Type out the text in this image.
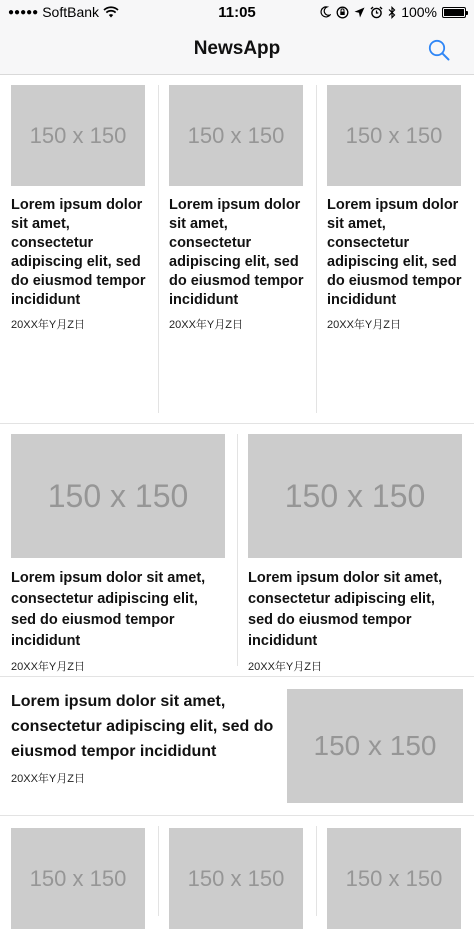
●●●●● SoftBank	11:05	100%
NewsApp
150 x 150
Lorem ipsum dolor sit amet, consectetur adipiscing elit, sed do eiusmod tempor incididunt
20XX年Y月Z日
150 x 150
Lorem ipsum dolor sit amet, consectetur adipiscing elit, sed do eiusmod tempor incididunt
20XX年Y月Z日
150 x 150
Lorem ipsum dolor sit amet, consectetur adipiscing elit, sed do eiusmod tempor incididunt
20XX年Y月Z日
150 x 150
Lorem ipsum dolor sit amet, consectetur adipiscing elit, sed do eiusmod tempor incididunt
20XX年Y月Z日
150 x 150
Lorem ipsum dolor sit amet, consectetur adipiscing elit, sed do eiusmod tempor incididunt
20XX年Y月Z日
Lorem ipsum dolor sit amet, consectetur adipiscing elit, sed do eiusmod tempor incididunt
20XX年Y月Z日
150 x 150
150 x 150	150 x 150	150 x 150
